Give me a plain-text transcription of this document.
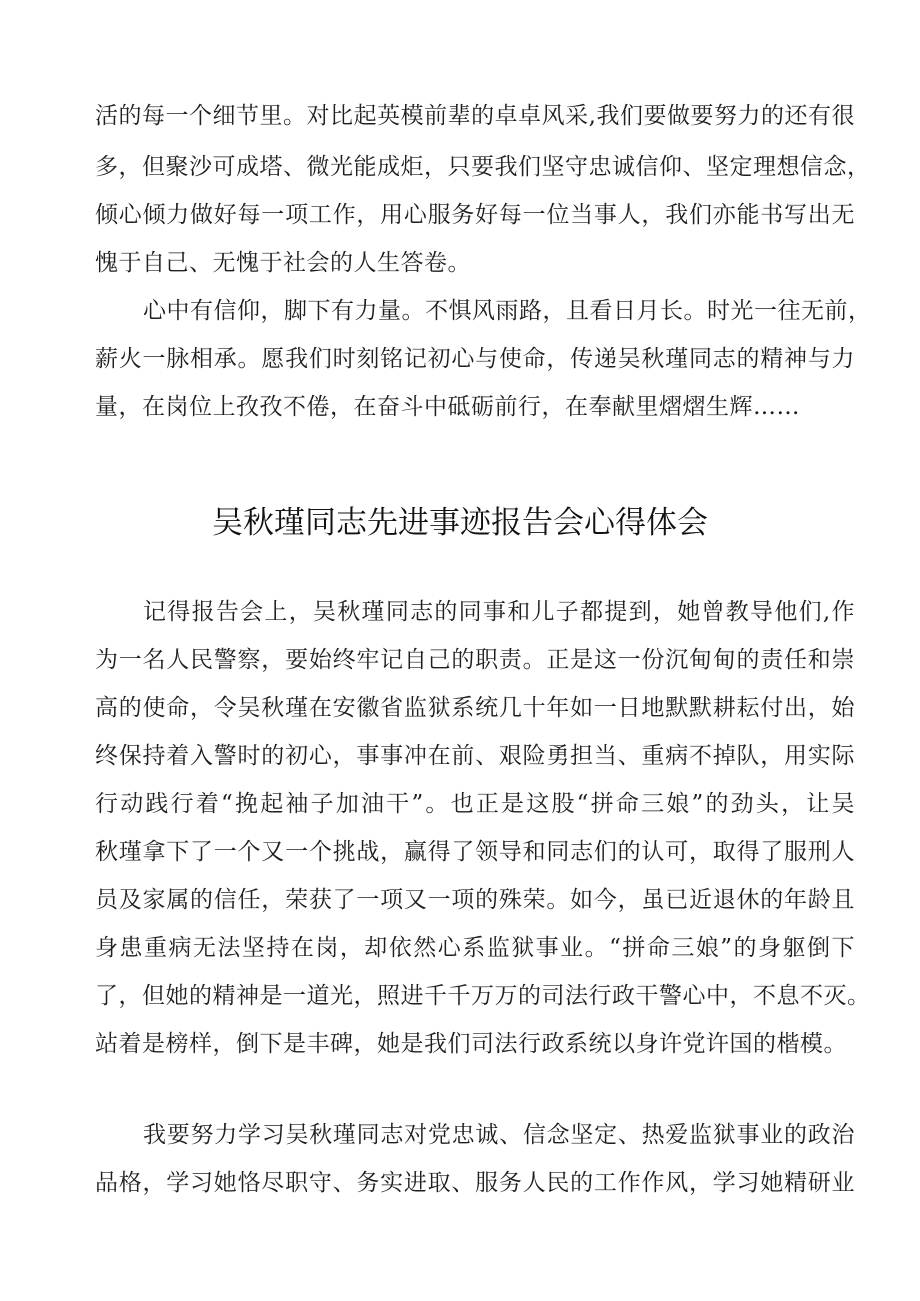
活的每一个细节里。对比起英模前辈的卓卓风采,我们要做要努力的还有很
多，但聚沙可成塔、微光能成炬，只要我们坚守忠诚信仰、坚定理想信念，
倾心倾力做好每一项工作，用心服务好每一位当事人，我们亦能书写出无
愧于自己、无愧于社会的人生答卷。
心中有信仰，脚下有力量。不惧风雨路，且看日月长。时光一往无前，
薪火一脉相承。愿我们时刻铭记初心与使命，传递吴秋瑾同志的精神与力
量，在岗位上孜孜不倦，在奋斗中砥砺前行，在奉献里熠熠生辉……
吴秋瑾同志先进事迹报告会心得体会
记得报告会上，吴秋瑾同志的同事和儿子都提到，她曾教导他们,作
为一名人民警察，要始终牢记自己的职责。正是这一份沉甸甸的责任和崇
高的使命，令吴秋瑾在安徽省监狱系统几十年如一日地默默耕耘付出，始
终保持着入警时的初心，事事冲在前、艰险勇担当、重病不掉队，用实际
行动践行着“挽起袖子加油干”。也正是这股“拼命三娘”的劲头，让吴
秋瑾拿下了一个又一个挑战，赢得了领导和同志们的认可，取得了服刑人
员及家属的信任，荣获了一项又一项的殊荣。如今，虽已近退休的年龄且
身患重病无法坚持在岗，却依然心系监狱事业。“拼命三娘”的身躯倒下
了，但她的精神是一道光，照进千千万万的司法行政干警心中，不息不灭。
站着是榜样，倒下是丰碑，她是我们司法行政系统以身许党许国的楷模。
我要努力学习吴秋瑾同志对党忠诚、信念坚定、热爱监狱事业的政治
品格，学习她恪尽职守、务实进取、服务人民的工作作风，学习她精研业
